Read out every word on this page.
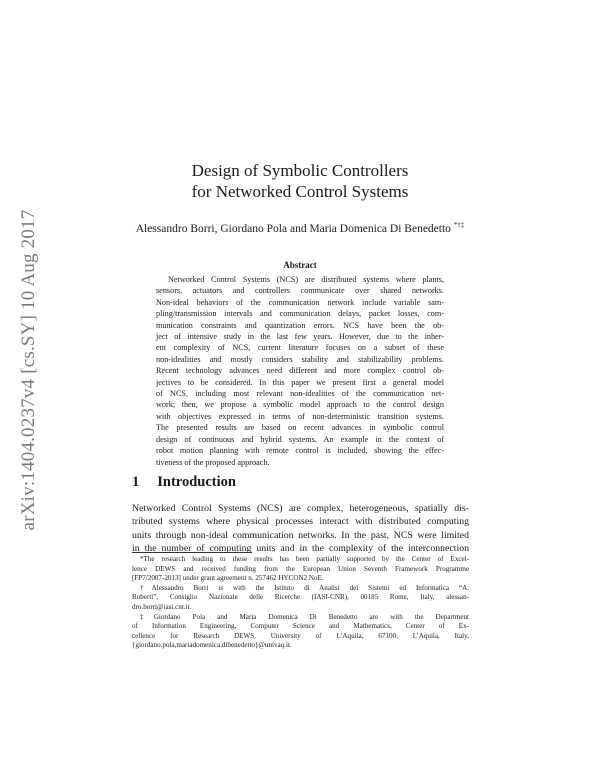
arXiv:1404.0237v4 [cs.SY] 10 Aug 2017
Design of Symbolic Controllers
for Networked Control Systems
Alessandro Borri, Giordano Pola and Maria Domenica Di Benedetto *†‡
Abstract
Networked Control Systems (NCS) are distributed systems where plants,
sensors, actuators and controllers communicate over shared networks.
Non-ideal behaviors of the communication network include variable sam-
pling/transmission intervals and communication delays, packet losses, com-
munication constraints and quantization errors. NCS have been the ob-
ject of intensive study in the last few years. However, due to the inher-
ent complexity of NCS, current literature focuses on a subset of these
non-idealities and mostly considers stability and stabilizability problems.
Recent technology advances need different and more complex control ob-
jectives to be considered. In this paper we present first a general model
of NCS, including most relevant non-idealities of the communication net-
work; then, we propose a symbolic model approach to the control design
with objectives expressed in terms of non-deterministic transition systems.
The presented results are based on recent advances in symbolic control
design of continuous and hybrid systems. An example in the context of
robot motion planning with remote control is included, showing the effec-
tiveness of the proposed approach.
1 Introduction
Networked Control Systems (NCS) are complex, heterogeneous, spatially dis-
tributed systems where physical processes interact with distributed computing
units through non-ideal communication networks. In the past, NCS were limited
in the number of computing units and in the complexity of the interconnection
*The research leading to these results has been partially supported by the Center of Excel-
lence DEWS and received funding from the European Union Seventh Framework Programme
[FP7/2007-2013] under grant agreement n. 257462 HYCON2 NoE.
†Alessandro Borri is with the Istituto di Analisi dei Sistemi ed Informatica “A.
Ruberti”, Consiglio Nazionale delle Ricerche (IASI-CNR), 00185 Rome, Italy, alessan-
dro.borri@iasi.cnr.it.
‡Giordano Pola and Maria Domenica Di Benedetto are with the Department
of Information Engineering, Computer Science and Mathematics, Center of Ex-
cellence for Research DEWS, University of L’Aquila, 67100, L’Aquila, Italy,
{giordano.pola,mariadomenica.dibenedetto}@univaq.it.
